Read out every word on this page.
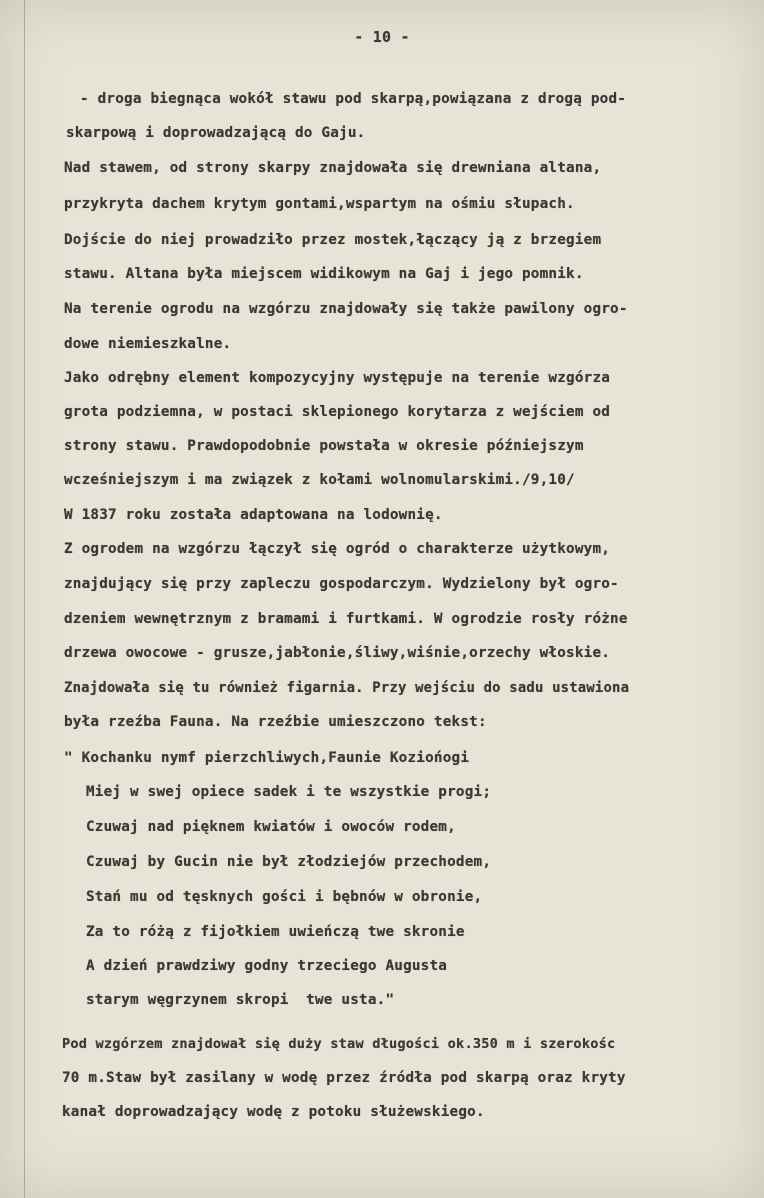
- 10 -
- droga biegnąca wokół stawu pod skarpą,powiązana z drogą pod-
skarpową i doprowadzającą do Gaju.
Nad stawem, od strony skarpy znajdowała się drewniana altana,
przykryta dachem krytym gontami,wspartym na ośmiu słupach.
Dojście do niej prowadziło przez mostek,łączący ją z brzegiem
stawu. Altana była miejscem widikowym na Gaj i jego pomnik.
Na terenie ogrodu na wzgórzu znajdowały się także pawilony ogro-
dowe niemieszkalne.
Jako odrębny element kompozycyjny występuje na terenie wzgórza
grota podziemna, w postaci sklepionego korytarza z wejściem od
strony stawu. Prawdopodobnie powstała w okresie późniejszym
wcześniejszym i ma związek z kołami wolnomularskimi./9,10/
W 1837 roku została adaptowana na lodownię.
Z ogrodem na wzgórzu łączył się ogród o charakterze użytkowym,
znajdujący się przy zapleczu gospodarczym. Wydzielony był ogro-
dzeniem wewnętrznym z bramami i furtkami. W ogrodzie rosły różne
drzewa owocowe - grusze,jabłonie,śliwy,wiśnie,orzechy włoskie.
Znajdowała się tu również figarnia. Przy wejściu do sadu ustawiona
była rzeźba Fauna. Na rzeźbie umieszczono tekst:
" Kochanku nymf pierzchliwych,Faunie Koziońogi
Miej w swej opiece sadek i te wszystkie progi;
Czuwaj nad pięknem kwiatów i owoców rodem,
Czuwaj by Gucin nie był złodziejów przechodem,
Stań mu od tęsknych gości i bębnów w obronie,
Za to różą z fijołkiem uwieńczą twe skronie
A dzień prawdziwy godny trzeciego Augusta
starym węgrzynem skropi  twe usta."
Pod wzgórzem znajdował się duży staw długości ok.350 m i szerokośc
70 m.Staw był zasilany w wodę przez źródła pod skarpą oraz kryty
kanał doprowadzający wodę z potoku służewskiego.
